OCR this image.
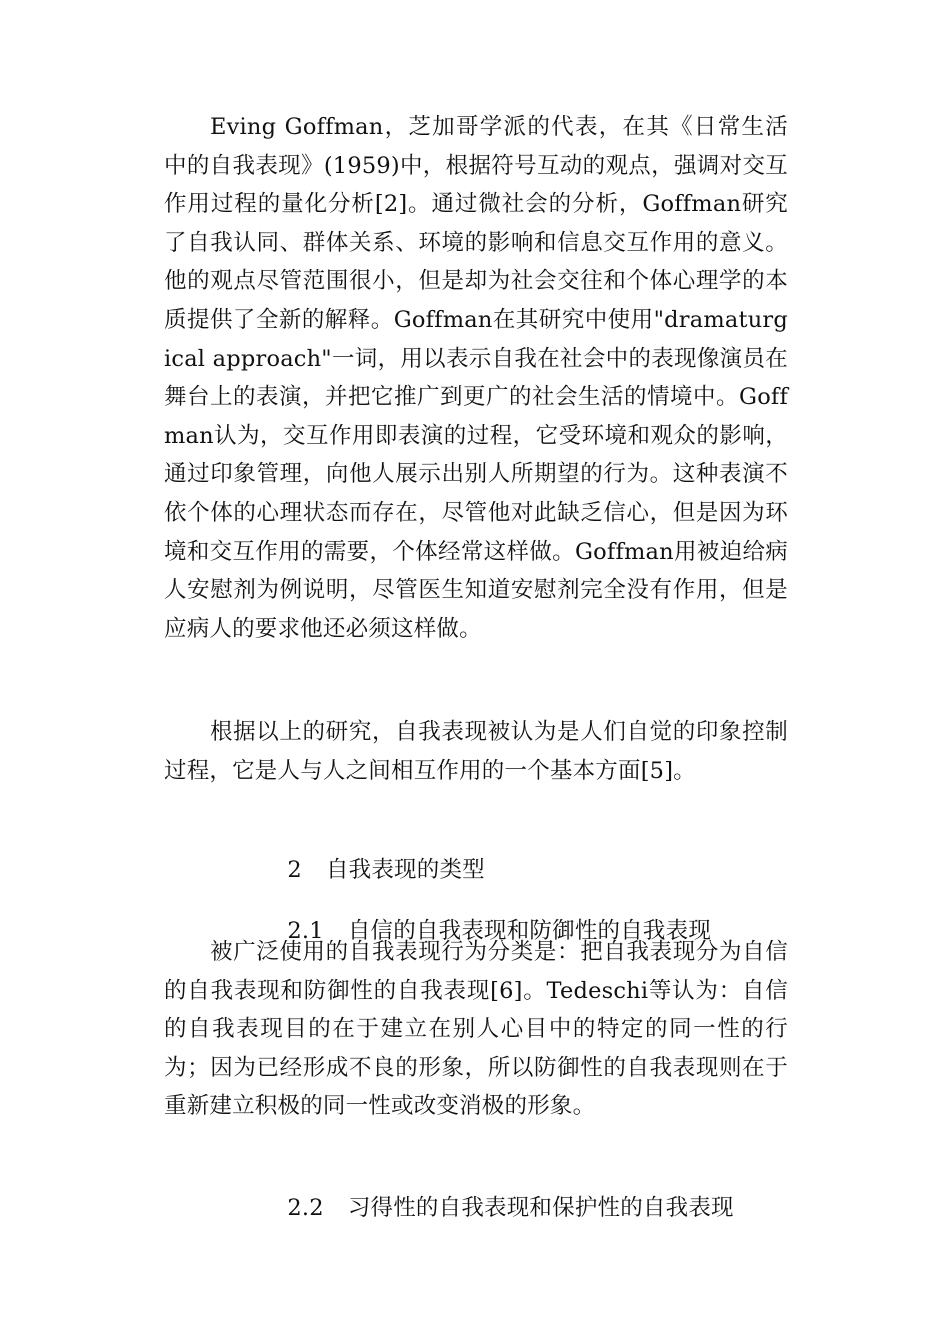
Eving Goffman，芝加哥学派的代表，在其《日常生活中的自我表现》(1959)中，根据符号互动的观点，强调对交互作用过程的量化分析[2]。通过微社会的分析，Goffman研究了自我认同、群体关系、环境的影响和信息交互作用的意义。他的观点尽管范围很小，但是却为社会交往和个体心理学的本质提供了全新的解释。Goffman在其研究中使用"dramaturgical approach"一词，用以表示自我在社会中的表现像演员在舞台上的表演，并把它推广到更广的社会生活的情境中。Goffman认为，交互作用即表演的过程，它受环境和观众的影响，通过印象管理，向他人展示出别人所期望的行为。这种表演不依个体的心理状态而存在，尽管他对此缺乏信心，但是因为环境和交互作用的需要，个体经常这样做。Goffman用被迫给病人安慰剂为例说明，尽管医生知道安慰剂完全没有作用，但是应病人的要求他还必须这样做。

根据以上的研究，自我表现被认为是人们自觉的印象控制过程，它是人与人之间相互作用的一个基本方面[5]。

2 自我表现的类型

2.1 自信的自我表现和防御性的自我表现

被广泛使用的自我表现行为分类是：把自我表现分为自信的自我表现和防御性的自我表现[6]。Tedeschi等认为：自信的自我表现目的在于建立在别人心目中的特定的同一性的行为；因为已经形成不良的形象，所以防御性的自我表现则在于重新建立积极的同一性或改变消极的形象。

2.2 习得性的自我表现和保护性的自我表现
